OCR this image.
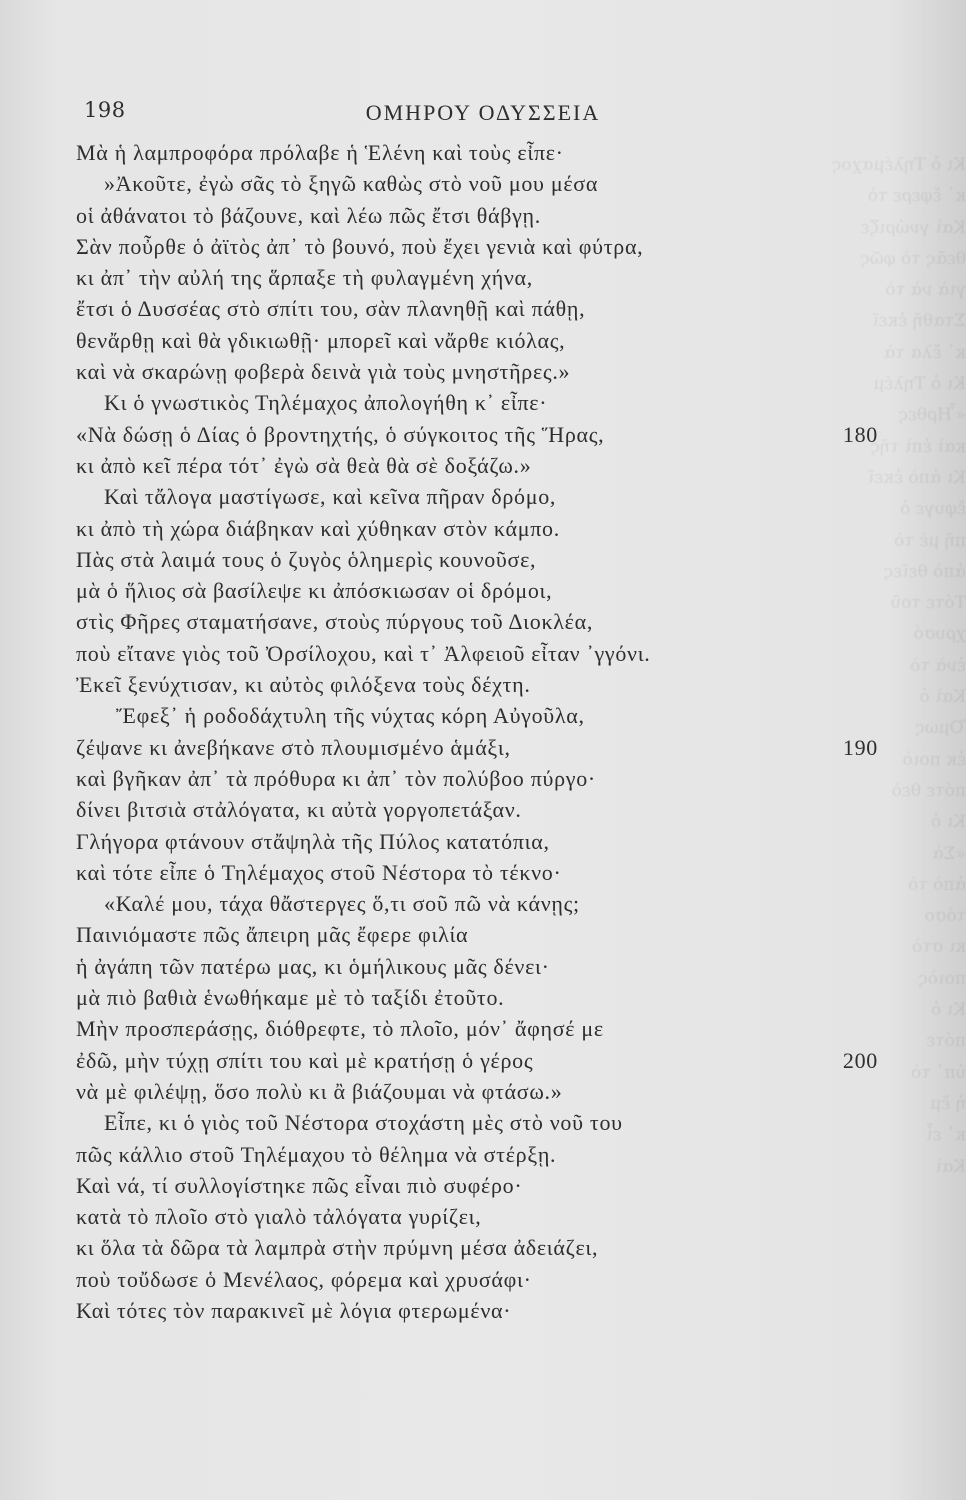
Κι ὁ Τηλέμαχος
κ᾽ ἔφερε τὸ
Καὶ γνώριζε
θεᾶς τὸ φῶς
γιὰ νὰ τὸ
Σταθῆ ἐκεῖ
κ᾽ ἔλα τὰ
Κι ὁ Τηλέμ
«Ἦρθες
καὶ ἐπὶ τῆς
Κι ἀπὸ ἐκεῖ
ἔφυγε ὁ
πῆ μὲ τὸ
ἀπὸ θεῖες
Τότε τοῦ
χρυσό
ἐνὰ τὸ
Καὶ ὁ
Ὅμως
ἐκ ποιὸ
πότε θεὸ
Κι ὁ
«Σὰ
ἀπὸ τὸ
τόσο
κι στὸ
ποιὸς
Κι ὁ
πότε
ὑπ᾽ τὸ
ἡ ἔμ
κ᾽ εἶ
Καὶ
198	ΟΜΗΡΟΥ ΟΔΥΣΣΕΙΑ
Μὰ ἡ λαμπροφόρα πρόλαβε ἡ Ἑλένη καὶ τοὺς εἶπε·
»Ἀκοῦτε, ἐγὼ σᾶς τὸ ξηγῶ καθὼς στὸ νοῦ μου μέσα
οἱ ἀθάνατοι τὸ βάζουνε, καὶ λέω πῶς ἔτσι θάβγῃ.
Σὰν ποὖρθε ὁ ἀϊτὸς ἀπ᾽ τὸ βουνό, ποὺ ἔχει γενιὰ καὶ φύτρα,
κι ἀπ᾽ τὴν αὐλή της ἅρπαξε τὴ φυλαγμένη χήνα,
ἔτσι ὁ Δυσσέας στὸ σπίτι του, σὰν πλανηθῇ καὶ πάθῃ,
θενἄρθῃ καὶ θὰ γδικιωθῇ· μπορεῖ καὶ νἄρθε κιόλας,
καὶ νὰ σκαρώνῃ φοβερὰ δεινὰ γιὰ τοὺς μνηστῆρες.»
Κι ὁ γνωστικὸς Τηλέμαχος ἀπολογήθη κ᾽ εἶπε·
«Νὰ δώσῃ ὁ Δίας ὁ βροντηχτής, ὁ σύγκοιτος τῆς Ἥρας,	180
κι ἀπὸ κεῖ πέρα τότ᾽ ἐγὼ σὰ θεὰ θὰ σὲ δοξάζω.»
Καὶ τἄλογα μαστίγωσε, καὶ κεῖνα πῆραν δρόμο,
κι ἀπὸ τὴ χώρα διάβηκαν καὶ χύθηκαν στὸν κάμπο.
Πὰς στὰ λαιμά τους ὁ ζυγὸς ὁλημερὶς κουνοῦσε,
μὰ ὁ ἥλιος σὰ βασίλεψε κι ἀπόσκιωσαν οἱ δρόμοι,
στὶς Φῆρες σταματήσανε, στοὺς πύργους τοῦ Διοκλέα,
ποὺ εἴτανε γιὸς τοῦ Ὀρσίλοχου, καὶ τ᾽ Ἀλφειοῦ εἶταν ᾽γγόνι.
Ἐκεῖ ξενύχτισαν, κι αὐτὸς φιλόξενα τοὺς δέχτη.
Ἔφεξ᾽ ἡ ροδοδάχτυλη τῆς νύχτας κόρη Αὐγοῦλα,
ζέψανε κι ἀνεβήκανε στὸ πλουμισμένο ἁμάξι,	190
καὶ βγῆκαν ἀπ᾽ τὰ πρόθυρα κι ἀπ᾽ τὸν πολύβοο πύργο·
δίνει βιτσιὰ στἀλόγατα, κι αὐτὰ γοργοπετάξαν.
Γλήγορα φτάνουν στἄψηλὰ τῆς Πύλος κατατόπια,
καὶ τότε εἶπε ὁ Τηλέμαχος στοῦ Νέστορα τὸ τέκνο·
«Καλέ μου, τάχα θἄστεργες ὅ,τι σοῦ πῶ νὰ κάνῃς;
Παινιόμαστε πῶς ἄπειρη μᾶς ἔφερε φιλία
ἡ ἀγάπη τῶν πατέρω μας, κι ὁμήλικους μᾶς δένει·
μὰ πιὸ βαθιὰ ἑνωθήκαμε μὲ τὸ ταξίδι ἐτοῦτο.
Μὴν προσπεράσῃς, διόθρεφτε, τὸ πλοῖο, μόν᾽ ἄφησέ με
ἐδῶ, μὴν τύχῃ σπίτι του καὶ μὲ κρατήσῃ ὁ γέρος	200
νὰ μὲ φιλέψῃ, ὅσο πολὺ κι ἂ βιάζουμαι νὰ φτάσω.»
Εἶπε, κι ὁ γιὸς τοῦ Νέστορα στοχάστη μὲς στὸ νοῦ του
πῶς κάλλιο στοῦ Τηλέμαχου τὸ θέλημα νὰ στέρξῃ.
Καὶ νά, τί συλλογίστηκε πῶς εἶναι πιὸ συφέρο·
κατὰ τὸ πλοῖο στὸ γιαλὸ τἀλόγατα γυρίζει,
κι ὅλα τὰ δῶρα τὰ λαμπρὰ στὴν πρύμνη μέσα ἀδειάζει,
ποὺ τοὔδωσε ὁ Μενέλαος, φόρεμα καὶ χρυσάφι·
Καὶ τότες τὸν παρακινεῖ μὲ λόγια φτερωμένα·
